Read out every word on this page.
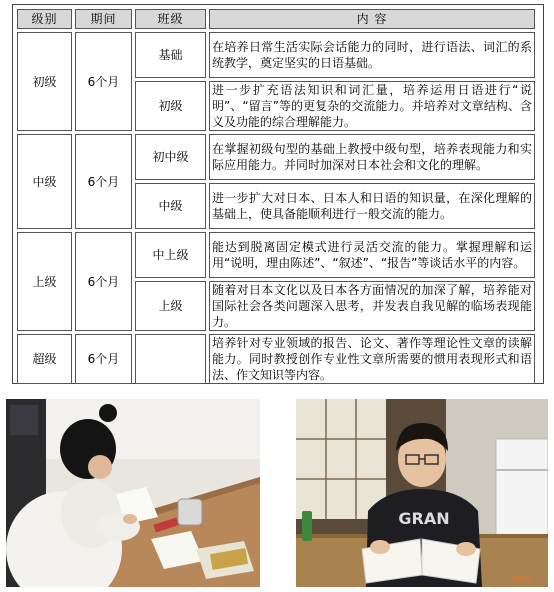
级别	期间	班级	内 容
初级	6个月	基础	在培养日常生活实际会话能力的同时，进行语法、词汇的系统教学，奠定坚实的日语基础。
		初级	进一步扩充语法知识和词汇量，培养运用日语进行“说明”、“留言”等的更复杂的交流能力。并培养对文章结构、含义及功能的综合理解能力。
中级	6个月	初中级	在掌握初级句型的基础上教授中级句型，培养表现能力和实际应用能力。并同时加深对日本社会和文化的理解。
		中级	进一步扩大对日本、日本人和日语的知识量，在深化理解的基础上，使具备能顺利进行一般交流的能力。
上级	6个月	中上级	能达到脱离固定模式进行灵活交流的能力。掌握理解和运用“说明，理由陈述”、“叙述”、“报告”等谈话水平的内容。
		上级	随着对日本文化以及日本各方面情况的加深了解，培养能对国际社会各类问题深入思考，并发表自我见解的临场表现能力。
超级	6个月		培养针对专业领域的报告、论文、著作等理论性文章的读解能力。同时教授创作专业性文章所需要的惯用表现形式和语法、作文知识等内容。
GRAN
2005
